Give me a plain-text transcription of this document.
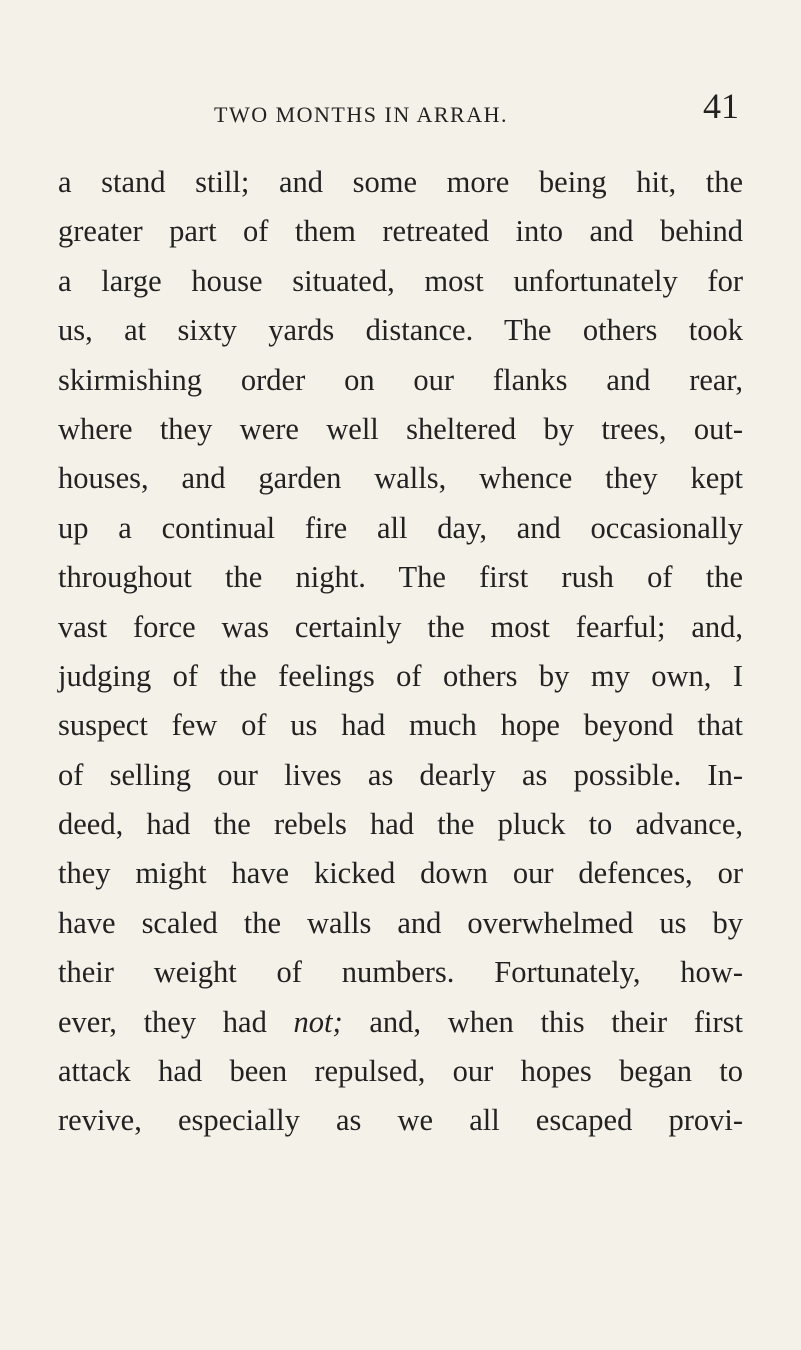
TWO MONTHS IN ARRAH.	41
a stand still; and some more being hit, the
greater part of them retreated into and behind
a large house situated, most unfortunately for
us, at sixty yards distance. The others took
skirmishing order on our flanks and rear,
where they were well sheltered by trees, out-
houses, and garden walls, whence they kept
up a continual fire all day, and occasionally
throughout the night. The first rush of the
vast force was certainly the most fearful; and,
judging of the feelings of others by my own, I
suspect few of us had much hope beyond that
of selling our lives as dearly as possible. In-
deed, had the rebels had the pluck to advance,
they might have kicked down our defences, or
have scaled the walls and overwhelmed us by
their weight of numbers. Fortunately, how-
ever, they had not; and, when this their first
attack had been repulsed, our hopes began to
revive, especially as we all escaped provi-
